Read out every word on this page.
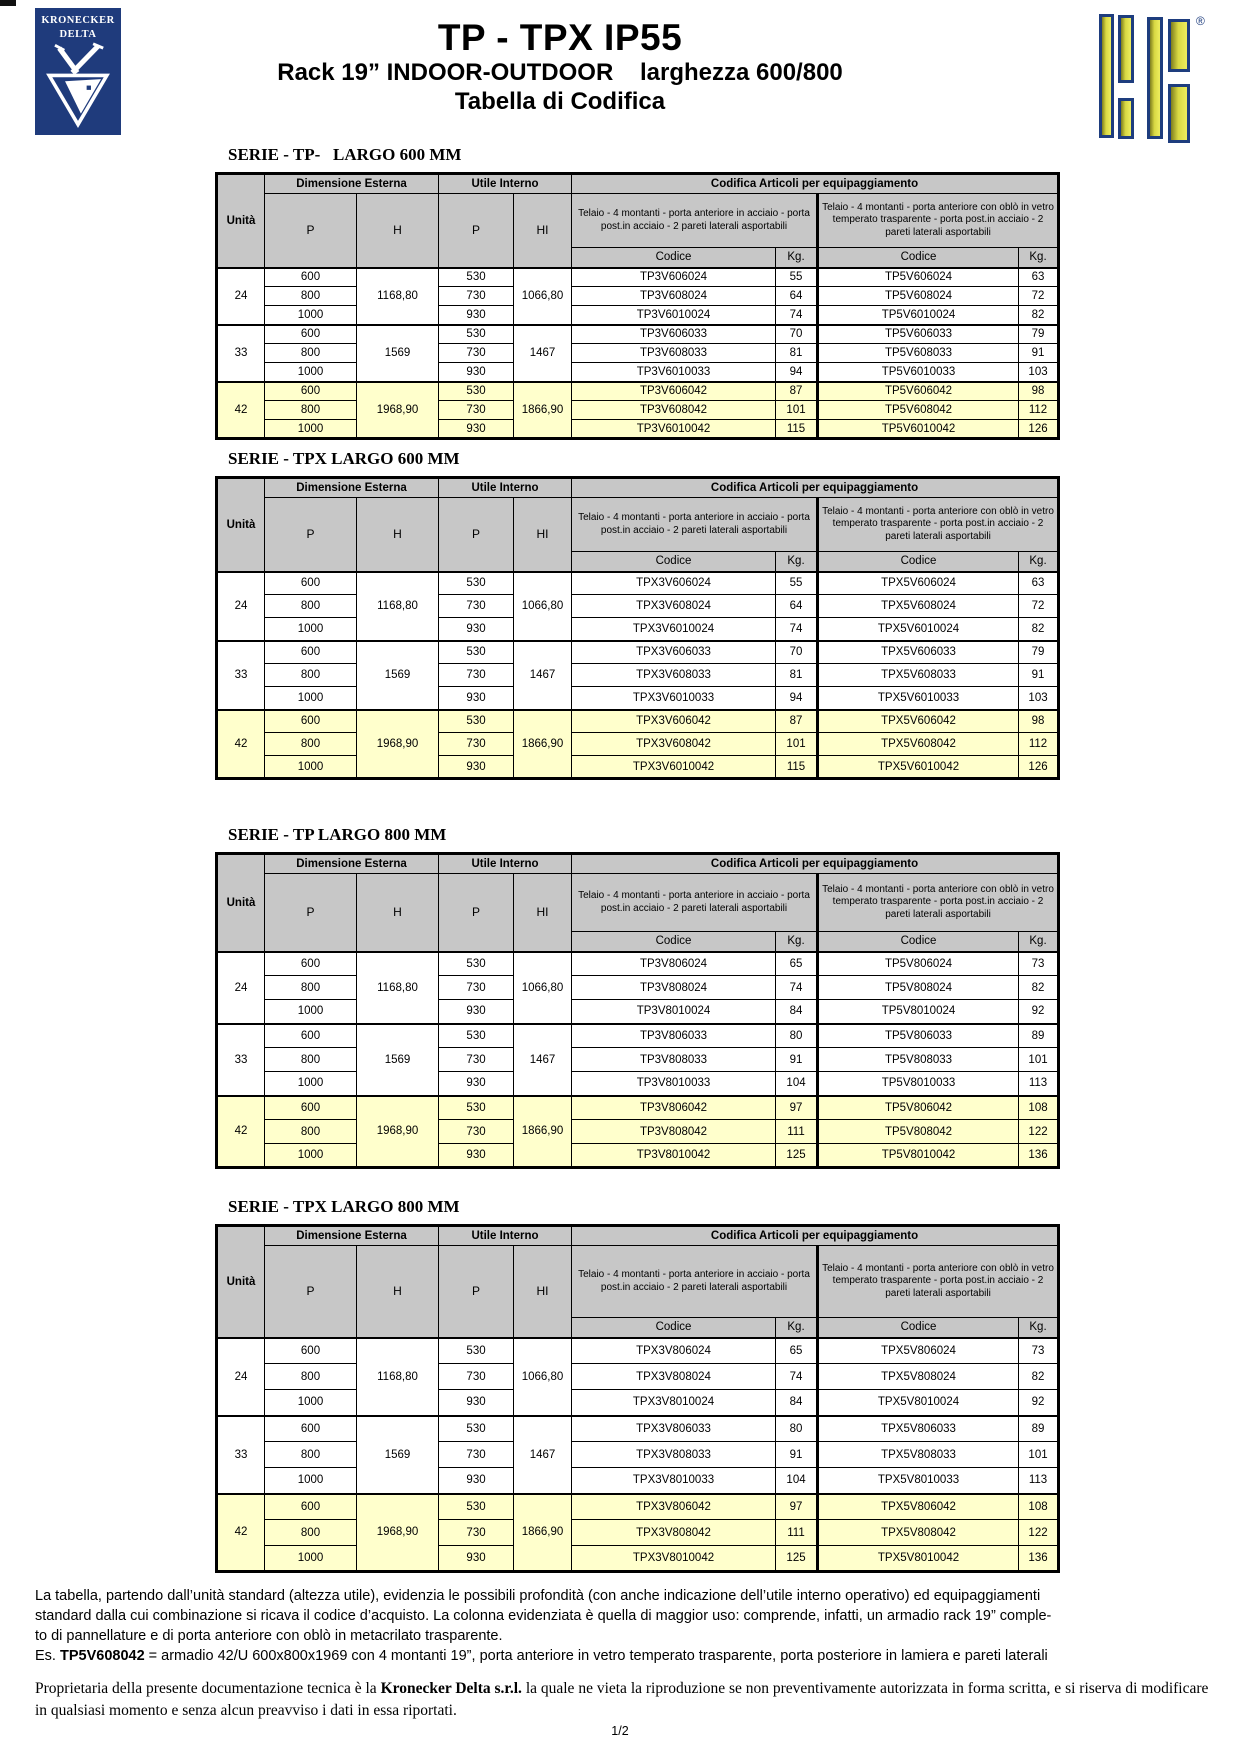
KRONECKER
DELTA	TP - TPX IP55
Rack 19” INDOOR-OUTDOOR    larghezza 600/800
Tabella di Codifica
®
SERIE - TP-   LARGO 600 MM
Unità	Dimensione Esterna		Utile Interno		Codifica Articoli per equipaggiamento			
	P	H	P	HI	Telaio - 4 montanti - porta anteriore in acciaio - porta post.in acciaio - 2 pareti laterali asportabili		Telaio - 4 montanti - porta anteriore con oblò in vetro temperato trasparente - porta post.in acciaio - 2 pareti laterali asportabili	
					Codice	Kg.	Codice	Kg.
24	600	1168,80	530	1066,80	TP3V606024	55	TP5V606024	63
	800		730		TP3V608024	64	TP5V608024	72
	1000		930		TP3V6010024	74	TP5V6010024	82
33	600	1569	530	1467	TP3V606033	70	TP5V606033	79
	800		730		TP3V608033	81	TP5V608033	91
	1000		930		TP3V6010033	94	TP5V6010033	103
42	600	1968,90	530	1866,90	TP3V606042	87	TP5V606042	98
	800		730		TP3V608042	101	TP5V608042	112
	1000		930		TP3V6010042	115	TP5V6010042	126
SERIE - TPX LARGO 600 MM
Unità	Dimensione Esterna		Utile Interno		Codifica Articoli per equipaggiamento			
	P	H	P	HI	Telaio - 4 montanti - porta anteriore in acciaio - porta post.in acciaio - 2 pareti laterali asportabili		Telaio - 4 montanti - porta anteriore con oblò in vetro temperato trasparente - porta post.in acciaio - 2 pareti laterali asportabili	
					Codice	Kg.	Codice	Kg.
24	600	1168,80	530	1066,80	TPX3V606024	55	TPX5V606024	63
	800		730		TPX3V608024	64	TPX5V608024	72
	1000		930		TPX3V6010024	74	TPX5V6010024	82
33	600	1569	530	1467	TPX3V606033	70	TPX5V606033	79
	800		730		TPX3V608033	81	TPX5V608033	91
	1000		930		TPX3V6010033	94	TPX5V6010033	103
42	600	1968,90	530	1866,90	TPX3V606042	87	TPX5V606042	98
	800		730		TPX3V608042	101	TPX5V608042	112
	1000		930		TPX3V6010042	115	TPX5V6010042	126
SERIE - TP LARGO 800 MM
Unità	Dimensione Esterna		Utile Interno		Codifica Articoli per equipaggiamento			
	P	H	P	HI	Telaio - 4 montanti - porta anteriore in acciaio - porta post.in acciaio - 2 pareti laterali asportabili		Telaio - 4 montanti - porta anteriore con oblò in vetro temperato trasparente - porta post.in acciaio - 2 pareti laterali asportabili	
					Codice	Kg.	Codice	Kg.
24	600	1168,80	530	1066,80	TP3V806024	65	TP5V806024	73
	800		730		TP3V808024	74	TP5V808024	82
	1000		930		TP3V8010024	84	TP5V8010024	92
33	600	1569	530	1467	TP3V806033	80	TP5V806033	89
	800		730		TP3V808033	91	TP5V808033	101
	1000		930		TP3V8010033	104	TP5V8010033	113
42	600	1968,90	530	1866,90	TP3V806042	97	TP5V806042	108
	800		730		TP3V808042	111	TP5V808042	122
	1000		930		TP3V8010042	125	TP5V8010042	136
SERIE - TPX LARGO 800 MM
Unità	Dimensione Esterna		Utile Interno		Codifica Articoli per equipaggiamento			
	P	H	P	HI	Telaio - 4 montanti - porta anteriore in acciaio - porta post.in acciaio - 2 pareti laterali asportabili		Telaio - 4 montanti - porta anteriore con oblò in vetro temperato trasparente - porta post.in acciaio - 2 pareti laterali asportabili	
					Codice	Kg.	Codice	Kg.
24	600	1168,80	530	1066,80	TPX3V806024	65	TPX5V806024	73
	800		730		TPX3V808024	74	TPX5V808024	82
	1000		930		TPX3V8010024	84	TPX5V8010024	92
33	600	1569	530	1467	TPX3V806033	80	TPX5V806033	89
	800		730		TPX3V808033	91	TPX5V808033	101
	1000		930		TPX3V8010033	104	TPX5V8010033	113
42	600	1968,90	530	1866,90	TPX3V806042	97	TPX5V806042	108
	800		730		TPX3V808042	111	TPX5V808042	122
	1000		930		TPX3V8010042	125	TPX5V8010042	136
La tabella, partendo dall’unità standard (altezza utile), evidenzia le possibili profondità (con anche indicazione dell’utile interno operativo) ed equipaggiamenti
standard dalla cui combinazione si ricava il codice d’acquisto. La colonna evidenziata è quella di maggior uso: comprende, infatti, un armadio rack 19” comple-
to di pannellature e di porta anteriore con oblò in metacrilato trasparente.
Es. TP5V608042 = armadio 42/U 600x800x1969 con 4 montanti 19”, porta anteriore in vetro temperato trasparente, porta posteriore in lamiera e pareti laterali
Proprietaria della presente documentazione tecnica è la Kronecker Delta s.r.l. la quale ne vieta la riproduzione se non preventivamente autorizzata in forma scritta, e si riserva di modificare in qualsiasi momento e senza alcun preavviso i dati in essa riportati.
1/2
